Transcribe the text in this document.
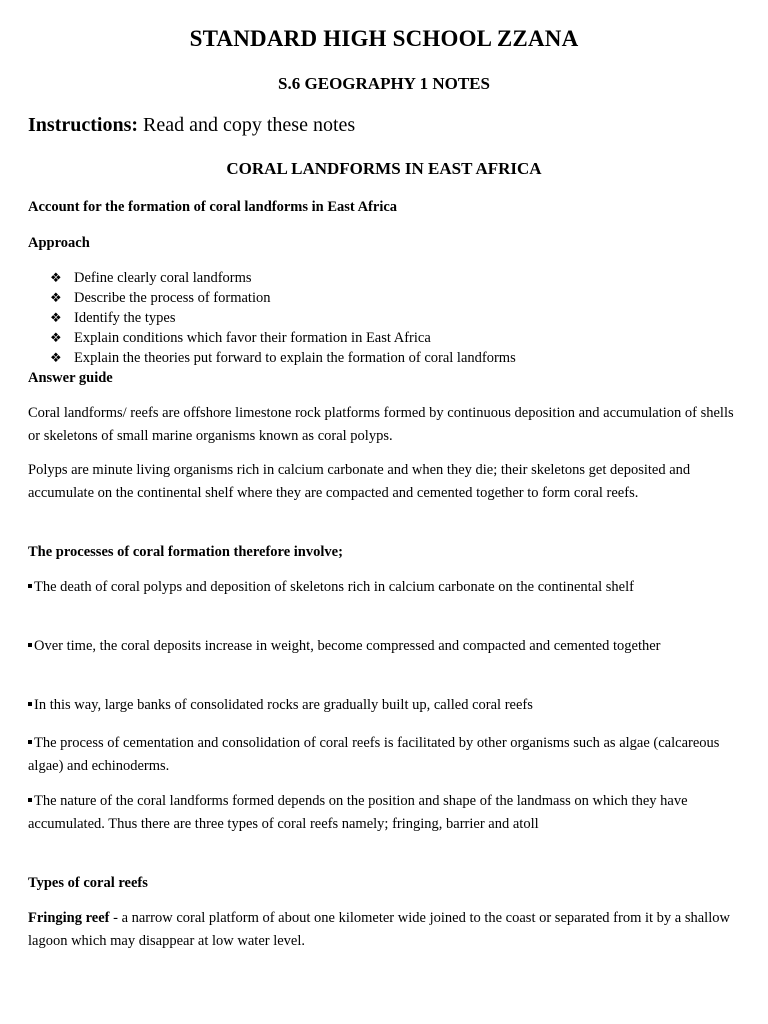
STANDARD HIGH SCHOOL ZZANA
S.6 GEOGRAPHY 1 NOTES
Instructions: Read and copy these notes
CORAL LANDFORMS IN EAST AFRICA
Account for the formation of coral landforms in East Africa
Approach
❖ Define clearly coral landforms
❖ Describe the process of formation
❖ Identify the types
❖ Explain conditions which favor their formation in East Africa
❖ Explain the theories put forward to explain the formation of coral landforms
Answer guide
Coral landforms/ reefs are offshore limestone rock platforms formed by continuous deposition and accumulation of shells or skeletons of small marine organisms known as coral polyps.
Polyps are minute living organisms rich in calcium carbonate and when they die; their skeletons get deposited and accumulate on the continental shelf where they are compacted and cemented together to form coral reefs.
The processes of coral formation therefore involve;
The death of coral polyps and deposition of skeletons rich in calcium carbonate on the continental shelf
Over time, the coral deposits increase in weight, become compressed and compacted and cemented together
In this way, large banks of consolidated rocks are gradually built up, called coral reefs
The process of cementation and consolidation of coral reefs is facilitated by other organisms such as algae (calcareous algae) and echinoderms.
The nature of the coral landforms formed depends on the position and shape of the landmass on which they have accumulated. Thus there are three types of coral reefs namely; fringing, barrier and atoll
Types of coral reefs
Fringing reef - a narrow coral platform of about one kilometer wide joined to the coast or separated from it by a shallow lagoon which may disappear at low water level.
